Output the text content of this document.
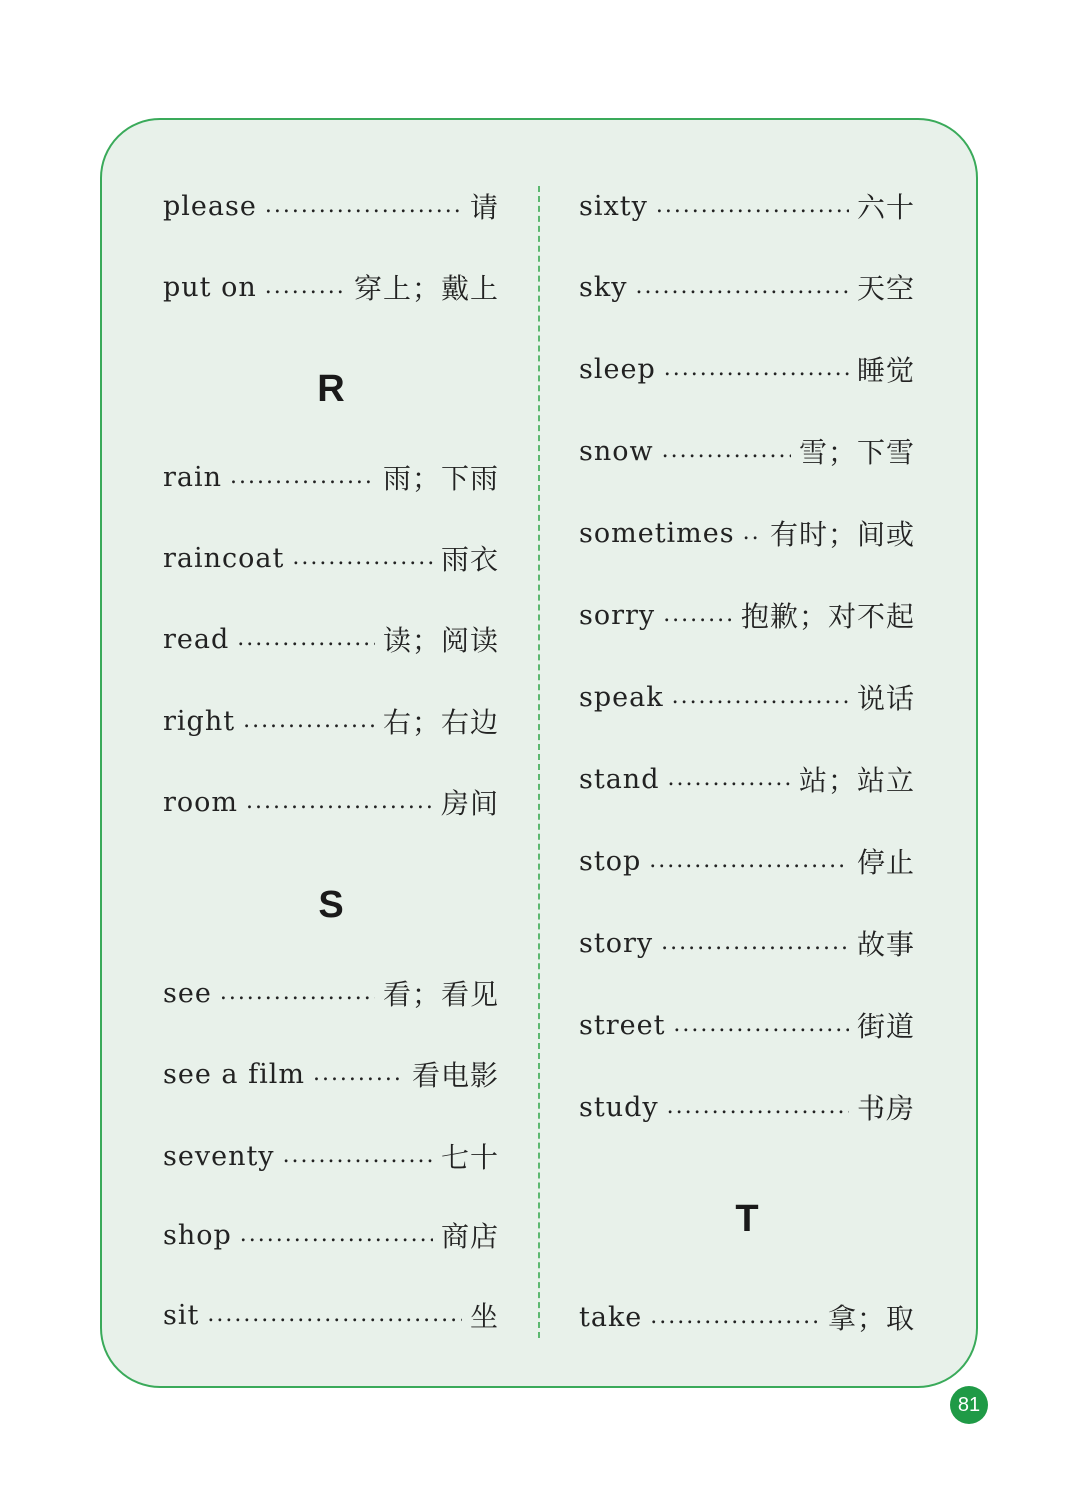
please .....	请
put on .....	穿上；戴上
R
rain .....	雨；下雨
raincoat .....	雨衣
read .....	读；阅读
right .....	右；右边
room .....	房间
S
see .....	看；看见
see a film .....	看电影
seventy .....	七十
shop .....	商店
sit .....	坐
sixty .....	六十
sky .....	天空
sleep .....	睡觉
snow .....	雪；下雪
sometimes ..... 有时；间或
sorry .....	抱歉；对不起
speak .....	说话
stand .....	站；站立
stop .....	停止
story .....	故事
street .....	街道
study .....	书房
T
take .....	拿；取
81
